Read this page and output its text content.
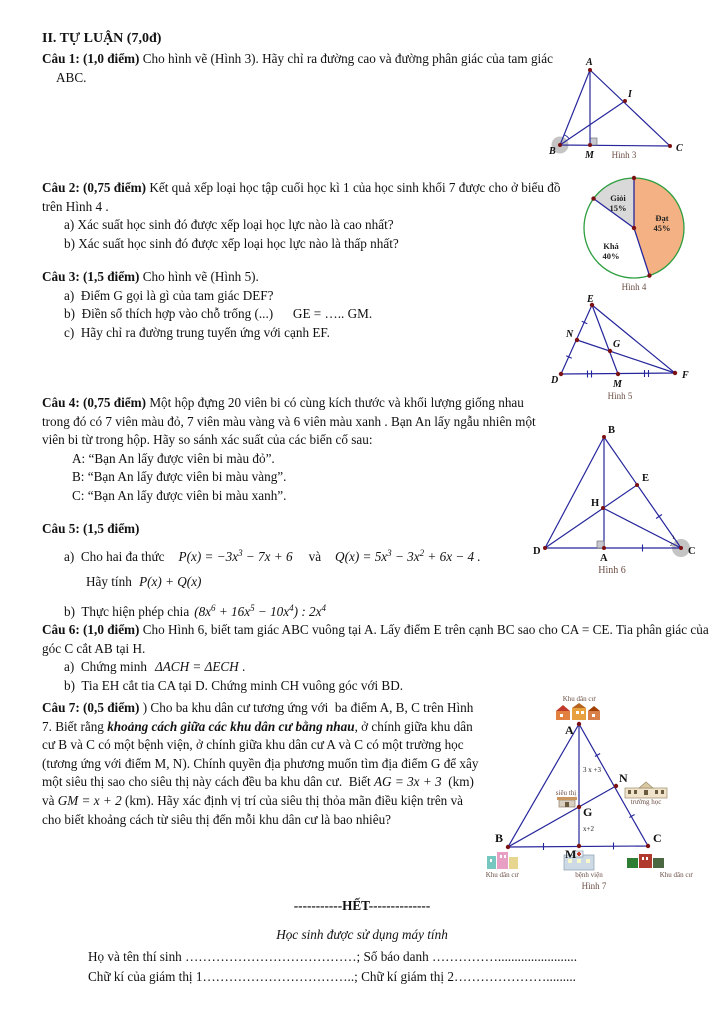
II. TỰ LUẬN (7,0đ)
Câu 1: (1,0 điểm) Cho hình vẽ (Hình 3). Hãy chỉ ra đường cao và đường phân giác của tam giác ABC.
A
B	C
M
I
Hình 3
Câu 2: (0,75 điểm) Kết quả xếp loại học tập cuối học kì 1 của học sinh khối 7 được cho ở biểu đồ trên Hình 4 .
a) Xác suất học sinh đó được xếp loại học lực nào là cao nhất?
b) Xác suất học sinh đó được xếp loại học lực nào là thấp nhất?
Giỏi
15%
Đạt
45%
Khá
40%
Hình 4
Câu 3: (1,5 điểm) Cho hình vẽ (Hình 5).
a)  Điểm G gọi là gì của tam giác DEF?
b)  Điền số thích hợp vào chỗ trống (...)      GE = ….. GM.
c)  Hãy chỉ ra đường trung tuyến ứng với cạnh EF.
E
N
D	M
F
G
Hình 5
Câu 4: (0,75 điểm) Một hộp đựng 20 viên bi có cùng kích thước và khối lượng giống nhau trong đó có 7 viên màu đỏ, 7 viên màu vàng và 6 viên màu xanh . Bạn An lấy ngẫu nhiên một viên bi từ trong hộp. Hãy so sánh xác suất của các biến cố sau:
A: “Bạn An lấy được viên bi màu đỏ”.
B: “Bạn An lấy được viên bi màu vàng”.
C: “Bạn An lấy được viên bi màu xanh”.
B
D
A
C
E
H
1
2
Hình 6
Câu 5: (1,5 điểm)
a)  Cho hai đa thức $P(x) = -3x^3 - 7x + 6$ và $Q(x) = 5x^3 - 3x^2 + 6x - 4$ .
Hãy tính P(x) + Q(x)
b)  Thực hiện phép chia $(8x^6 + 16x^5 - 10x^4)$ : $2x^4$
Câu 6: (1,0 điểm) Cho Hình 6, biết tam giác ABC vuông tại A. Lấy điểm E trên cạnh BC sao cho CA = CE. Tia phân giác của góc C cắt AB tại H.
a)  Chứng minh ΔACH = ΔECH .
b)  Tia EH cắt tia CA tại D. Chứng minh CH vuông góc với BD.
Câu 7: (0,5 điểm) ) Cho ba khu dân cư tương ứng với  ba điểm A, B, C trên Hình 7. Biết rằng khoảng cách giữa các khu dân cư bằng nhau, ở chính giữa khu dân cư B và C có một bệnh viện, ở chính giữa khu dân cư A và C có một trường học (tương ứng với điểm M, N). Chính quyền địa phương muốn tìm địa điểm G để xây một siêu thị sao cho siêu thị này cách đều ba khu dân cư.  Biết AG = 3x + 3  (km) và GM = x + 2 (km). Hãy xác định vị trí của siêu thị thỏa mãn điều kiện trên và cho biết khoảng cách từ siêu thị đến mỗi khu dân cư là bao nhiêu?
Khu dân cư
A
3 x +3
N
siêu thị
G
x+2
trường học
B	C
M
Khu dân cư	bệnh viện	Khu dân cư
Hình 7
-----------HẾT--------------
Học sinh được sử dụng máy tính
Họ và tên thí sinh …………………………………; Số báo danh ……………........................
Chữ kí của giám thị 1……………………………..; Chữ kí giám thị 2………………….........
